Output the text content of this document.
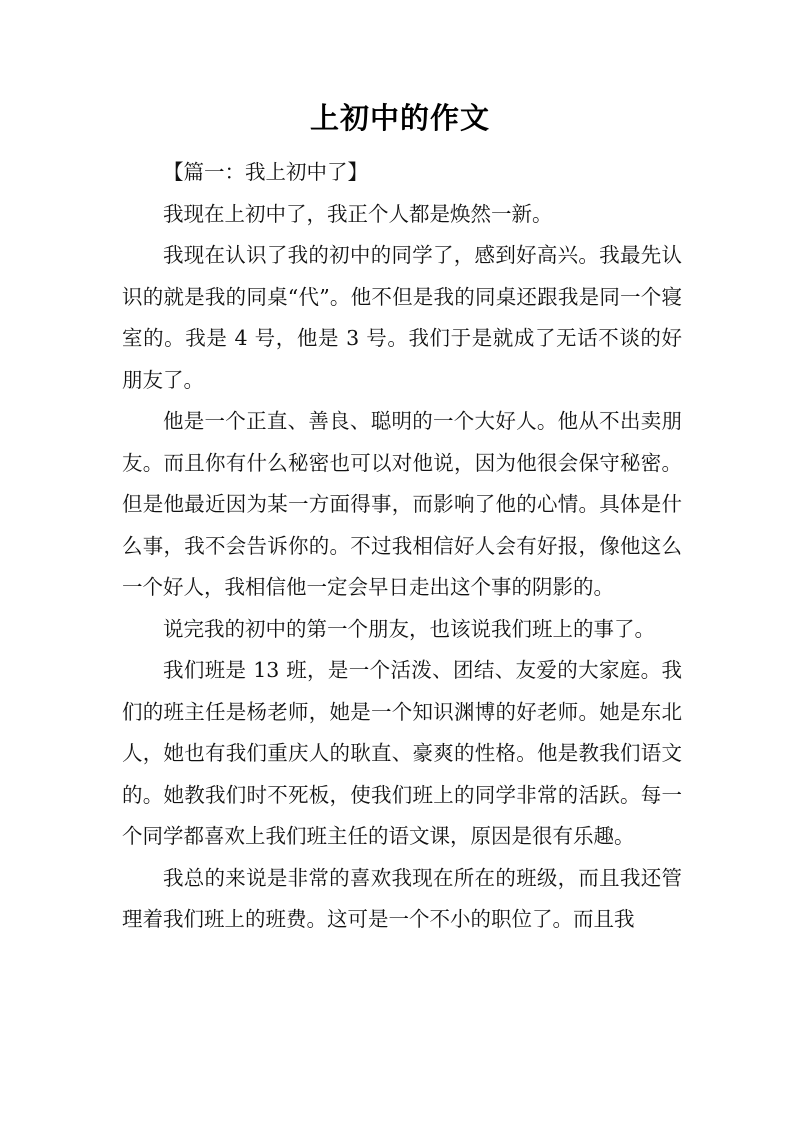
上初中的作文

【篇一：我上初中了】

我现在上初中了，我正个人都是焕然一新。

我现在认识了我的初中的同学了，感到好高兴。我最先认识的就是我的同桌“代”。他不但是我的同桌还跟我是同一个寝室的。我是 4 号，他是 3 号。我们于是就成了无话不谈的好朋友了。

他是一个正直、善良、聪明的一个大好人。他从不出卖朋友。而且你有什么秘密也可以对他说，因为他很会保守秘密。但是他最近因为某一方面得事，而影响了他的心情。具体是什么事，我不会告诉你的。不过我相信好人会有好报，像他这么一个好人，我相信他一定会早日走出这个事的阴影的。

说完我的初中的第一个朋友，也该说我们班上的事了。

我们班是 13 班，是一个活泼、团结、友爱的大家庭。我们的班主任是杨老师，她是一个知识渊博的好老师。她是东北人，她也有我们重庆人的耿直、豪爽的性格。他是教我们语文的。她教我们时不死板，使我们班上的同学非常的活跃。每一个同学都喜欢上我们班主任的语文课，原因是很有乐趣。

我总的来说是非常的喜欢我现在所在的班级，而且我还管理着我们班上的班费。这可是一个不小的职位了。而且我
